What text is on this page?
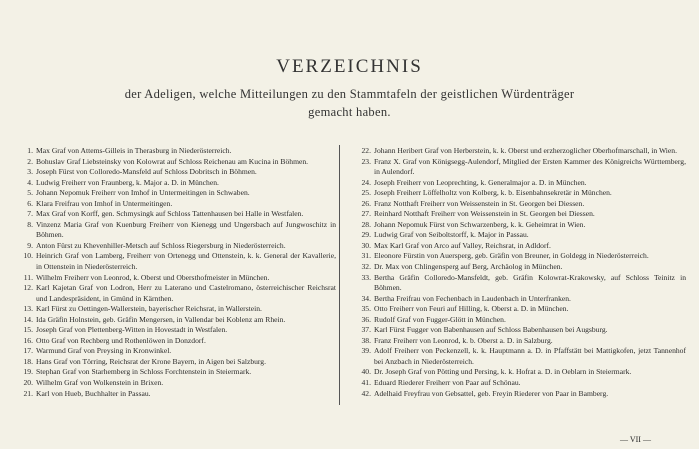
VERZEICHNIS
der Adeligen, welche Mitteilungen zu den Stammtafeln der geistlichen Würdenträger
gemacht haben.
1. Max Graf von Attems-Gilleis in Therasburg in Niederösterreich.
2. Bohuslav Graf Liebsteinsky von Kolowrat auf Schloss Reichenau am Kucina in Böhmen.
3. Joseph Fürst von Colloredo-Mansfeld auf Schloss Dobritsch in Böhmen.
4. Ludwig Freiherr von Fraunberg, k. Major a. D. in München.
5. Johann Nepomuk Freiherr von Imhof in Untermeitingen in Schwaben.
6. Klara Freifrau von Imhof in Untermeitingen.
7. Max Graf von Korff, gen. Schmysingk auf Schloss Tattenhausen bei Halle in Westfalen.
8. Vinzenz Maria Graf von Kuenburg Freiherr von Kienegg und Ungersbach auf Jungwoschitz in Böhmen.
9. Anton Fürst zu Khevenhiller-Metsch auf Schloss Riegersburg in Niederösterreich.
10. Heinrich Graf von Lamberg, Freiherr von Ortenegg und Ottenstein, k. k. General der Kavallerie, in Ottenstein in Niederösterreich.
11. Wilhelm Freiherr von Leonrod, k. Oberst und Obersthofmeister in München.
12. Karl Kajetan Graf von Lodron, Herr zu Laterano und Castelromano, österreichischer Reichsrat und Landespräsident, in Gmünd in Kärnthen.
13. Karl Fürst zu Oettingen-Wallerstein, bayerischer Reichsrat, in Wallerstein.
14. Ida Gräfin Holnstein, geb. Gräfin Mengersen, in Vallendar bei Koblenz am Rhein.
15. Joseph Graf von Plettenberg-Witten in Hovestadt in Westfalen.
16. Otto Graf von Rechberg und Rothenlöwen in Donzdorf.
17. Warmund Graf von Preysing in Kronwinkel.
18. Hans Graf von Törring, Reichsrat der Krone Bayern, in Aigen bei Salzburg.
19. Stephan Graf von Starhemberg in Schloss Forchtenstein in Steiermark.
20. Wilhelm Graf von Wolkenstein in Brixen.
21. Karl von Hueb, Buchhalter in Passau.
22. Johann Heribert Graf von Herberstein, k. k. Oberst und erzherzoglicher Oberhofmarschall, in Wien.
23. Franz X. Graf von Königsegg-Aulendorf, Mitglied der Ersten Kammer des Königreichs Württemberg, in Aulendorf.
24. Joseph Freiherr von Leoprechting, k. Generalmajor a. D. in München.
25. Joseph Freiherr Löffelholtz von Kolberg, k. b. Eisenbahnsekretär in München.
26. Franz Notthaft Freiherr von Weissenstein in St. Georgen bei Diessen.
27. Reinhard Notthaft Freiherr von Weissenstein in St. Georgen bei Diessen.
28. Johann Nepomuk Fürst von Schwarzenberg, k. k. Geheimrat in Wien.
29. Ludwig Graf von Seiboltstorff, k. Major in Passau.
30. Max Karl Graf von Arco auf Valley, Reichsrat, in Adldorf.
31. Eleonore Fürstin von Auersperg, geb. Gräfin von Breuner, in Goldegg in Niederösterreich.
32. Dr. Max von Chlingensperg auf Berg, Archäolog in München.
33. Bertha Gräfin Colloredo-Mansfeldt, geb. Gräfin Kolowrat-Krakowsky, auf Schloss Teinitz in Böhmen.
34. Bertha Freifrau von Fechenbach in Laudenbach in Unterfranken.
35. Otto Freiherr von Feuri auf Hilling, k. Oberst a. D. in München.
36. Rudolf Graf von Fugger-Glött in München.
37. Karl Fürst Fugger von Babenhausen auf Schloss Babenhausen bei Augsburg.
38. Franz Freiherr von Leonrod, k. b. Oberst a. D. in Salzburg.
39. Adolf Freiherr von Peckenzell, k. k. Hauptmann a. D. in Pfaffstätt bei Mattigkofen, jetzt Tannenhof bei Anzbach in Niederösterreich.
40. Dr. Joseph Graf von Pötting und Persing, k. k. Hofrat a. D. in Oeblarn in Steiermark.
41. Eduard Riederer Freiherr von Paar auf Schönau.
42. Adelhaid Freyfrau von Gebsattel, geb. Freyin Riederer von Paar in Bamberg.
— VII —
